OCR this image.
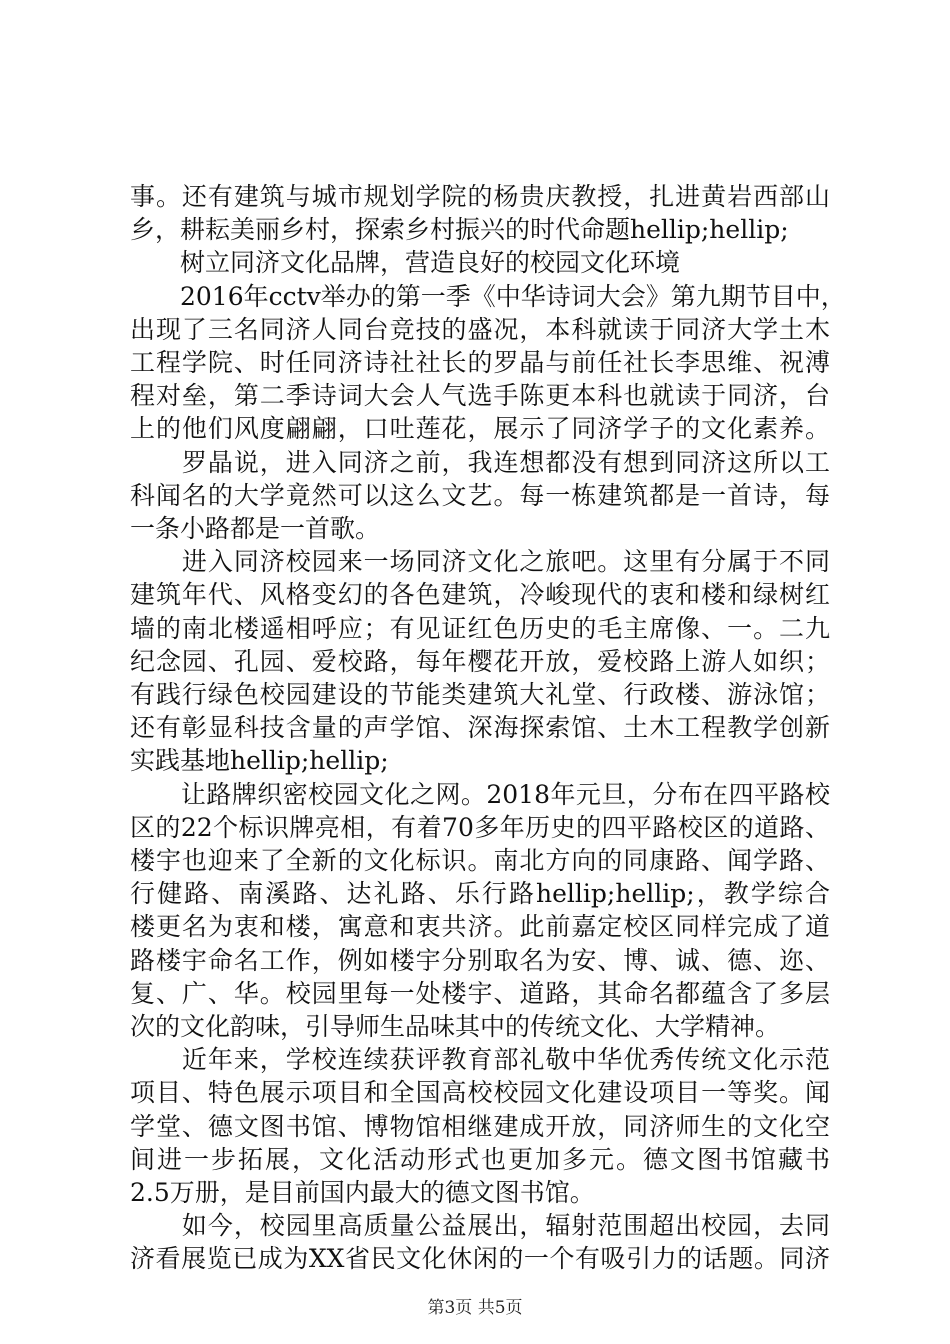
事。还有建筑与城市规划学院的杨贵庆教授，扎进黄岩西部山
乡，耕耘美丽乡村，探索乡村振兴的时代命题hellip;hellip;
　　树立同济文化品牌，营造良好的校园文化环境
　　2016年cctv举办的第一季《中华诗词大会》第九期节目中，
出现了三名同济人同台竞技的盛况，本科就读于同济大学土木
工程学院、时任同济诗社社长的罗晶与前任社长李思维、祝溥
程对垒，第二季诗词大会人气选手陈更本科也就读于同济，台
上的他们风度翩翩，口吐莲花，展示了同济学子的文化素养。
　　罗晶说，进入同济之前，我连想都没有想到同济这所以工
科闻名的大学竟然可以这么文艺。每一栋建筑都是一首诗，每
一条小路都是一首歌。
　　进入同济校园来一场同济文化之旅吧。这里有分属于不同
建筑年代、风格变幻的各色建筑，冷峻现代的衷和楼和绿树红
墙的南北楼遥相呼应；有见证红色历史的毛主席像、一。二九
纪念园、孔园、爱校路，每年樱花开放，爱校路上游人如织；
有践行绿色校园建设的节能类建筑大礼堂、行政楼、游泳馆；
还有彰显科技含量的声学馆、深海探索馆、土木工程教学创新
实践基地hellip;hellip;
　　让路牌织密校园文化之网。2018年元旦，分布在四平路校
区的22个标识牌亮相，有着70多年历史的四平路校区的道路、
楼宇也迎来了全新的文化标识。南北方向的同康路、闻学路、
行健路、南溪路、达礼路、乐行路hellip;hellip;，教学综合
楼更名为衷和楼，寓意和衷共济。此前嘉定校区同样完成了道
路楼宇命名工作，例如楼宇分别取名为安、博、诚、德、迩、
复、广、华。校园里每一处楼宇、道路，其命名都蕴含了多层
次的文化韵味，引导师生品味其中的传统文化、大学精神。
　　近年来，学校连续获评教育部礼敬中华优秀传统文化示范
项目、特色展示项目和全国高校校园文化建设项目一等奖。闻
学堂、德文图书馆、博物馆相继建成开放，同济师生的文化空
间进一步拓展，文化活动形式也更加多元。德文图书馆藏书
2.5万册，是目前国内最大的德文图书馆。
　　如今，校园里高质量公益展出，辐射范围超出校园，去同
济看展览已成为XX省民文化休闲的一个有吸引力的话题。同济
第3页 共5页
